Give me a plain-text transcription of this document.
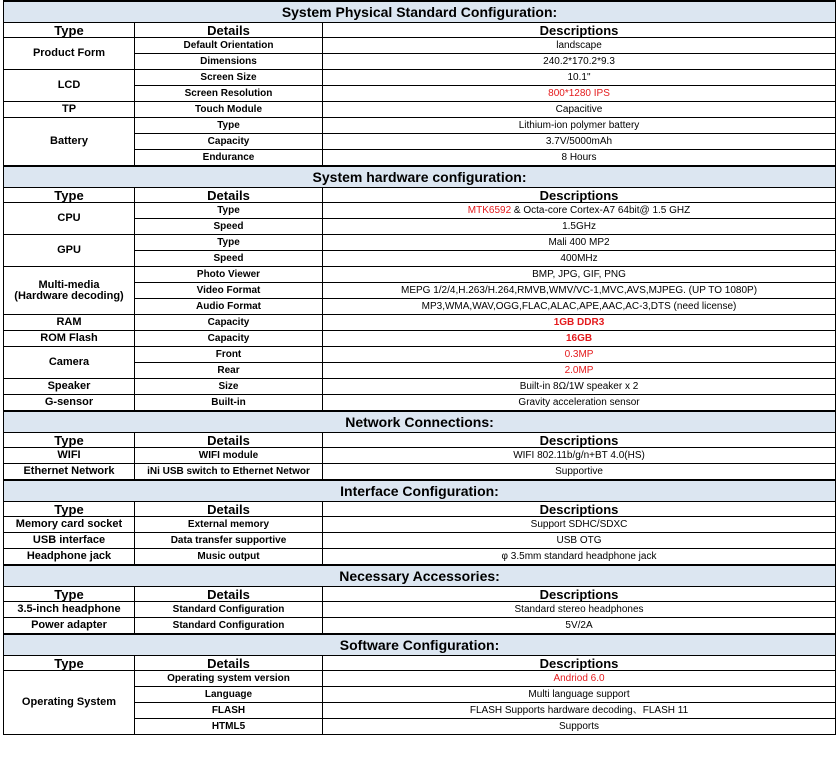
System Physical Standard Configuration:		
Type	Details	Descriptions
Product Form	Default Orientation	landscape
	Dimensions	240.2*170.2*9.3
LCD	Screen Size	10.1"
	Screen Resolution	800*1280 IPS
TP	Touch Module	Capacitive
Battery	Type	Lithium-ion polymer battery
	Capacity	3.7V/5000mAh
	Endurance	8 Hours
System hardware configuration:		
Type	Details	Descriptions
CPU	Type	MTK6592 & Octa-core Cortex-A7 64bit@ 1.5 GHZ
	Speed	1.5GHz
GPU	Type	Mali 400 MP2
	Speed	400MHz
Multi-media
(Hardware decoding)	Photo Viewer	BMP, JPG, GIF, PNG
	Video Format	MEPG 1/2/4,H.263/H.264,RMVB,WMV/VC-1,MVC,AVS,MJPEG. (UP TO 1080P)
	Audio Format	MP3,WMA,WAV,OGG,FLAC,ALAC,APE,AAC,AC-3,DTS (need license)
RAM	Capacity	1GB DDR3
ROM Flash	Capacity	16GB
Camera	Front	0.3MP
	Rear	2.0MP
Speaker	Size	Built-in 8Ω/1W speaker x 2
G-sensor	Built-in	Gravity acceleration sensor
Network Connections:		
Type	Details	Descriptions
WIFI	WIFI module	WIFI 802.11b/g/n+BT 4.0(HS)
Ethernet Network	iNi USB switch to Ethernet Networ	Supportive
Interface Configuration:		
Type	Details	Descriptions
Memory card socket	External memory	Support SDHC/SDXC
USB interface	Data transfer supportive	USB OTG
Headphone jack	Music output	φ 3.5mm standard headphone jack
Necessary Accessories:		
Type	Details	Descriptions
3.5-inch headphone	Standard Configuration	Standard stereo headphones
Power adapter	Standard Configuration	5V/2A
Software Configuration:		
Type	Details	Descriptions
Operating System	Operating system version	Andriod 6.0
	Language	Multi language support
	FLASH	FLASH Supports hardware decoding、FLASH 11
	HTML5	Supports
